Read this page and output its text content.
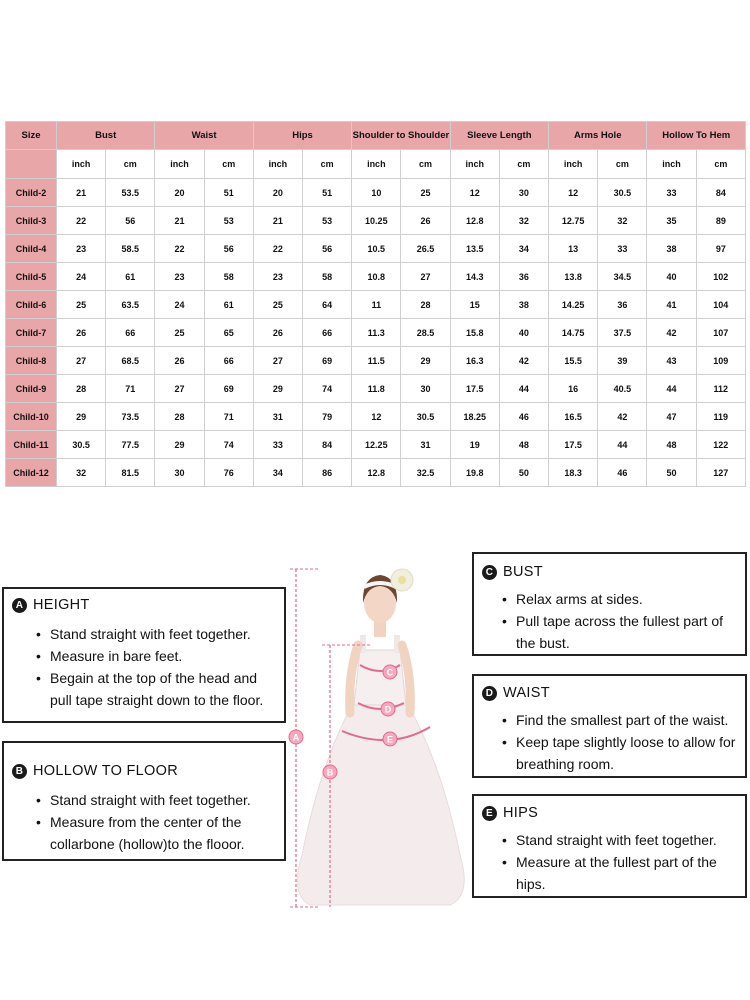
Size	Bust		Waist		Hips		Shoulder to Shoulder		Sleeve Length		Arms Hole		Hollow To Hem	
	inch	cm	inch	cm	inch	cm	inch	cm	inch	cm	inch	cm	inch	cm
Child-2	21	53.5	20	51	20	51	10	25	12	30	12	30.5	33	84
Child-3	22	56	21	53	21	53	10.25	26	12.8	32	12.75	32	35	89
Child-4	23	58.5	22	56	22	56	10.5	26.5	13.5	34	13	33	38	97
Child-5	24	61	23	58	23	58	10.8	27	14.3	36	13.8	34.5	40	102
Child-6	25	63.5	24	61	25	64	11	28	15	38	14.25	36	41	104
Child-7	26	66	25	65	26	66	11.3	28.5	15.8	40	14.75	37.5	42	107
Child-8	27	68.5	26	66	27	69	11.5	29	16.3	42	15.5	39	43	109
Child-9	28	71	27	69	29	74	11.8	30	17.5	44	16	40.5	44	112
Child-10	29	73.5	28	71	31	79	12	30.5	18.25	46	16.5	42	47	119
Child-11	30.5	77.5	29	74	33	84	12.25	31	19	48	17.5	44	48	122
Child-12	32	81.5	30	76	34	86	12.8	32.5	19.8	50	18.3	46	50	127
A HEIGHT
• Stand straight with feet together.
• Measure in bare feet.
• Begain at the top of the head and pull tape straight down to the floor.
B HOLLOW TO FLOOR
• Stand straight with feet together.
• Measure from the center of the collarbone (hollow)to the flooor.
C BUST
• Relax arms at sides.
• Pull tape across the fullest part of the bust.
D WAIST
• Find the smallest part of the waist.
• Keep tape slightly loose to allow for breathing room.
E HIPS
• Stand straight with feet together.
• Measure at the fullest part of the hips.
A
B
C
D
E
